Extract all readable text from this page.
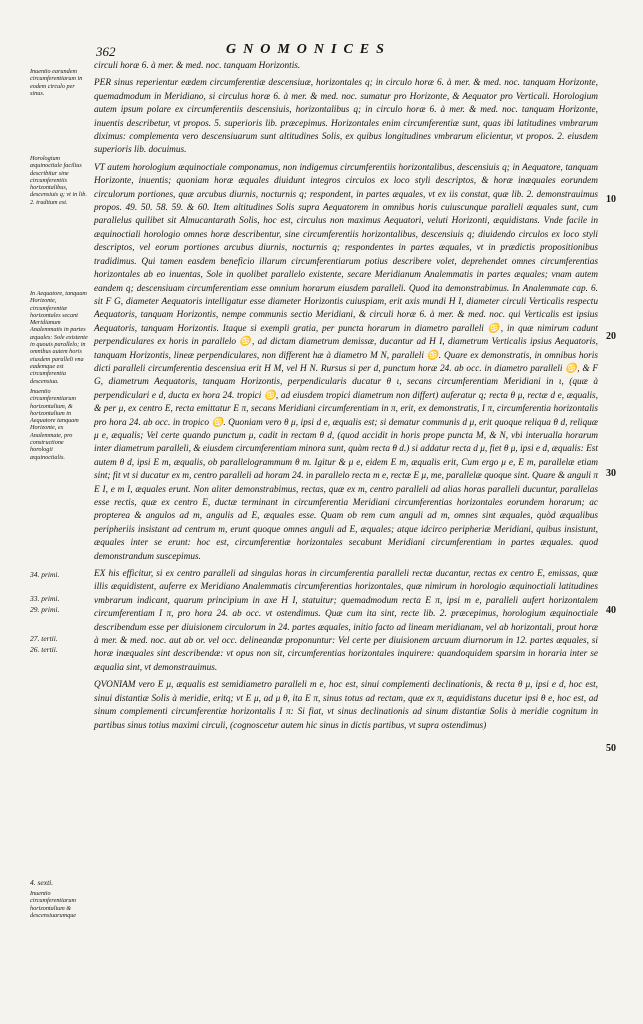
362	GNOMONICES
Inuentio earundem circumferentiarum in eodem circulo per sinus.
Horologium æquinoctiale facilius describitur sine circumferentiis horizontalibus, descensiuis q; vt in lib. 2. traditum est.
In Aequatore, tanquam Horizonte, circumferentiæ horizontales secant Meridianum Analemmatis in partes æquales: Sole existente in quouis parallelo; in omnibus autem horis eiusdem paralleli vna eademque est circumferentia descensiua.
Inuentio circumferentiarum horizontalium, & horizontalium in Aequatore tanquam Horizonte, ex Analemmate, pro constructione horologii æquinoctialis.
Inuentio circumferentiarum horizontalium & descensiuarumque
34. primi.
33. primi.
29. primi.
27. tertii.
26. tertii.
4. sexti.
10
20
30
40
50

circuli horæ 6. à mer. & med. noc. tanquam Horizontis.

PER sinus reperientur eædem circumferentiæ descensiuæ, horizontales q; in circulo horæ 6. à mer. & med. noc. tanquam Horizonte, quemadmodum in Meridiano, si circulus horæ 6. à mer. & med. noc. sumatur pro Horizonte, & Aequator pro Verticali. Horologium autem ipsum polare ex circumferentiis descensiuis, horizontalibus q; in circulo horæ 6. à mer. & med. noc. tanquam Horizonte, inuentis describetur, vt propos. 5. superioris lib. præcepimus. Horizontales enim circumferentiæ sunt, quas ibi latitudines vmbrarum diximus: complementa vero descensiuarum sunt altitudines Solis, ex quibus longitudines vmbrarum elicientur, vt propos. 2. eiusdem superioris lib. docuimus.

VT autem horologium æquinoctiale componamus, non indigemus circumferentiis horizontalibus, descensiuis q; in Aequatore, tanquam Horizonte, inuentis; quoniam horæ æquales diuidunt integros circulos ex loco styli descriptos, & horæ inæquales eorundem circulorum portiones, quæ arcubus diurnis, nocturnis q; respondent, in partes æquales, vt ex iis constat, quæ lib. 2. demonstrauimus propos. 49. 50. 58. 59. & 60. Item altitudines Solis supra Aequatorem in omnibus horis cuiuscunque paralleli æquales sunt, cum parallelus quilibet sit Almucantarath Solis, hoc est, circulus non maximus Aequatori, veluti Horizonti, æquidistans. Vnde facile in æquinoctiali horologio omnes horæ describentur, sine circumferentiis horizontalibus, descensiuis q; diuidendo circulos ex loco styli descriptos, vel eorum portiones arcubus diurnis, nocturnis q; respondentes in partes æquales, vt in prædictis propositionibus tradidimus. Qui tamen easdem beneficio illarum circumferentiarum potius describere volet, deprehendet omnes circumferentias horizontales ab eo inuentas, Sole in quolibet parallelo existente, secare Meridianum Analemmatis in partes æquales; vnam autem eandem q; descensiuam circumferentiam esse omnium horarum eiusdem paralleli. Quod ita demonstrabimus. In Analemmate cap. 6. sit F G, diameter Aequatoris intelligatur esse diameter Horizontis cuiuspiam, erit axis mundi H I, diameter circuli Verticalis respectu Aequatoris, tanquam Horizontis, nempe communis sectio Meridiani, & circuli horæ 6. à mer. & med. noc. qui Verticalis est ipsius Aequatoris, tanquam Horizontis. Itaque si exempli gratia, per puncta horarum in diametro paralleli ♋, in quæ nimirum cadunt perpendiculares ex horis in parallelo ♋, ad dictam diametrum demissæ, ducantur ad H I, diametrum Verticalis ipsius Aequatoris, tanquam Horizontis, lineæ perpendiculares, non different hæ à diametro M N, paralleli ♋. Quare ex demonstratis, in omnibus horis dicti paralleli circumferentia descensiua erit H M, vel H N. Rursus si per d, punctum horæ 24. ab occ. in diametro paralleli ♋, & F G, diametrum Aequatoris, tanquam Horizontis, perpendicularis ducatur θ ι, secans circumferentiam Meridiani in ι, (quæ à perpendiculari e d, ducta ex hora 24. tropici ♋, ad eiusdem tropici diametrum non differt) auferatur q; recta θ μ, rectæ d e, æqualis, & per μ, ex centro E, recta emittatur E π, secans Meridiani circumferentiam in π, erit, ex demonstratis, I π, circumferentia horizontalis pro hora 24. ab occ. in tropico ♋. Quoniam vero θ μ, ipsi d e, æqualis est; si dematur communis d μ, erit quoque reliqua θ d, reliquæ μ e, æqualis; Vel certe quando punctum μ, cadit in rectam θ d, (quod accidit in horis prope puncta M, & N, vbi interualla horarum inter diametrum paralleli, & eiusdem circumferentiam minora sunt, quàm recta θ d.) si addatur recta d μ, fiet θ μ, ipsi e d, æqualis: Est autem θ d, ipsi E m, æqualis, ob parallelogrammum θ m. Igitur & μ e, eidem E m, æqualis erit, Cum ergo μ e, E m, parallelæ etiam sint; fit vt si ducatur ex m, centro paralleli ad horam 24. in parallelo recta m e, rectæ E μ, me, parallelæ quoque sint. Quare & anguli π E I, e m I, æquales erunt. Non aliter demonstrabimus, rectas, quæ ex m, centro paralleli ad alias horas paralleli ducuntur, parallelas esse rectis, quæ ex centro E, ductæ terminant in circumferentia Meridiani circumferentias horizontales eorundem horarum; ac propterea & angulos ad m, angulis ad E, æquales esse. Quam ob rem cum anguli ad m, omnes sint æquales, quòd æqualibus peripheriis insistant ad centrum m, erunt quoque omnes anguli ad E, æquales; atque idcirco peripheriæ Meridiani, quibus insistunt, æquales inter se erunt: hoc est, circumferentiæ horizontales secabunt Meridiani circumferentiam in partes æquales. quod demonstrandum suscepimus.

EX his efficitur, si ex centro paralleli ad singulas horas in circumferentia paralleli rectæ ducantur, rectas ex centro E, emissas, quæ illis æquidistent, auferre ex Meridiano Analemmatis circumferentias horizontales, quæ nimirum in horologio æquinoctiali latitudines vmbrarum indicant, quarum principium in axe H I, statuitur; quemadmodum recta E π, ipsi m e, paralleli aufert horizontalem circumferentiam I π, pro hora 24. ab occ. vt ostendimus. Quæ cum ita sint, recte lib. 2. præcepimus, horologium æquinoctiale describendum esse per diuisionem circulorum in 24. partes æquales, initio facto ad lineam meridianam, vel ab horizontali, prout horæ à mer. & med. noc. aut ab or. vel occ. delineandæ proponuntur: Vel certe per diuisionem arcuum diurnorum in 12. partes æquales, si horæ inæquales sint describendæ: vt opus non sit, circumferentias horizontales inquirere: quandoquidem sparsim in horaria inter se æqualia sint, vt demonstrauimus.

QVONIAM vero E μ, æqualis est semidiametro paralleli m e, hoc est, sinui complementi declinationis, & recta θ μ, ipsi e d, hoc est, sinui distantiæ Solis à meridie, eritq; vt E μ, ad μ θ, ita E π, sinus totus ad rectam, quæ ex π, æquidistans ducetur ipsi θ e, hoc est, ad sinum complementi circumferentiæ horizontalis I π: Si fiat, vt sinus declinationis ad sinum distantiæ Solis à meridie cognitum in partibus sinus totius maximi circuli, (cognoscetur autem hic sinus in dictis partibus, vt supra ostendimus)
